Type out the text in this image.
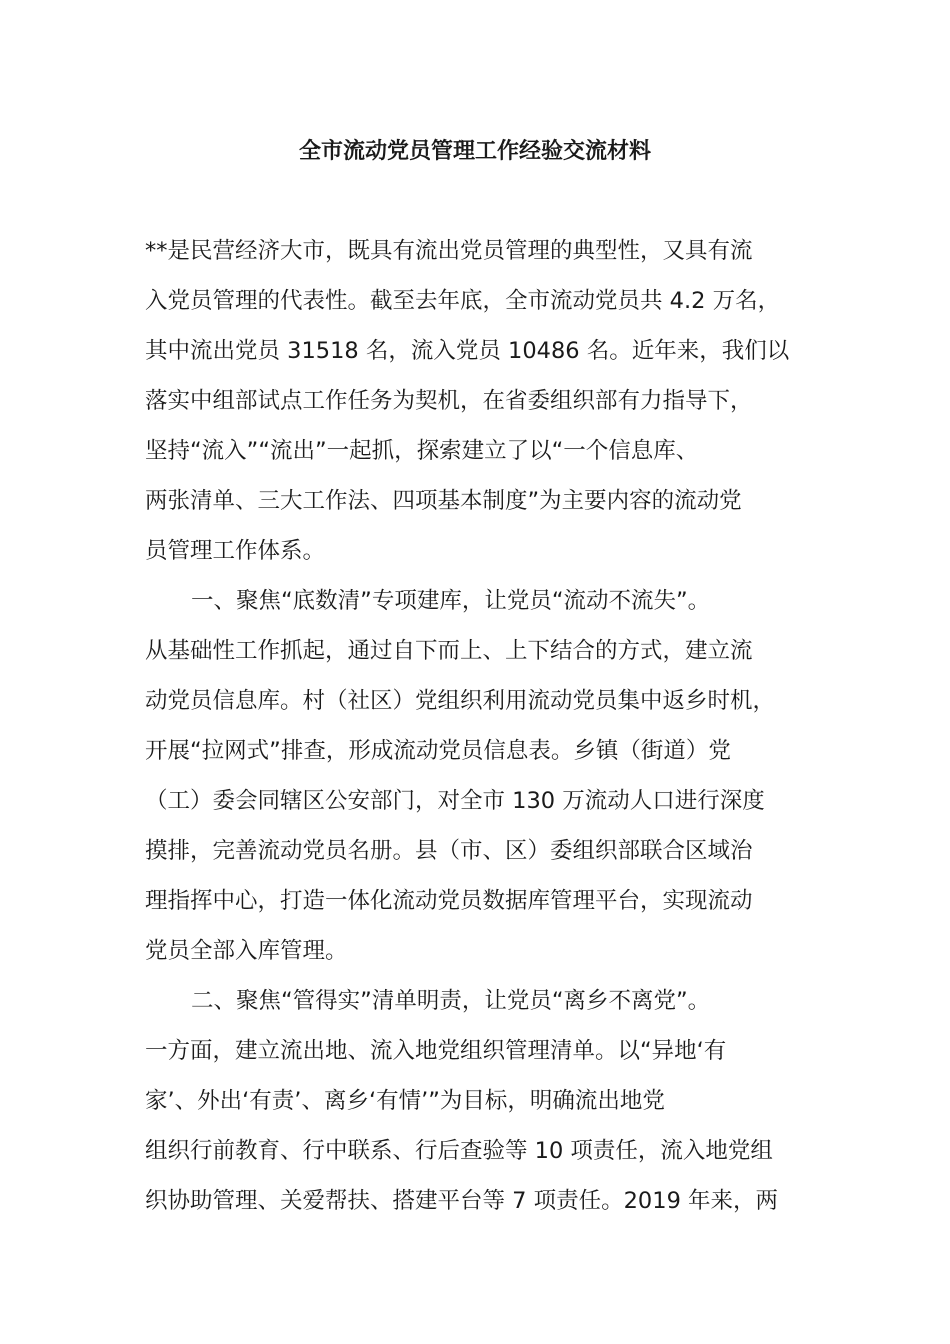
全市流动党员管理工作经验交流材料

**是民营经济大市，既具有流出党员管理的典型性，又具有流

入党员管理的代表性。截至去年底，全市流动党员共 4.2 万名，

其中流出党员 31518 名，流入党员 10486 名。近年来，我们以

落实中组部试点工作任务为契机，在省委组织部有力指导下，

坚持“流入”“流出”一起抓，探索建立了以“一个信息库、

两张清单、三大工作法、四项基本制度”为主要内容的流动党

员管理工作体系。

一、聚焦“底数清”专项建库，让党员“流动不流失”。

从基础性工作抓起，通过自下而上、上下结合的方式，建立流

动党员信息库。村（社区）党组织利用流动党员集中返乡时机，

开展“拉网式”排查，形成流动党员信息表。乡镇（街道）党

（工）委会同辖区公安部门，对全市 130 万流动人口进行深度

摸排，完善流动党员名册。县（市、区）委组织部联合区域治

理指挥中心，打造一体化流动党员数据库管理平台，实现流动

党员全部入库管理。

二、聚焦“管得实”清单明责，让党员“离乡不离党”。

一方面，建立流出地、流入地党组织管理清单。以“异地‘有

家’、外出‘有责’、离乡‘有情’”为目标，明确流出地党

组织行前教育、行中联系、行后查验等 10 项责任，流入地党组

织协助管理、关爱帮扶、搭建平台等 7 项责任。2019 年来，两
